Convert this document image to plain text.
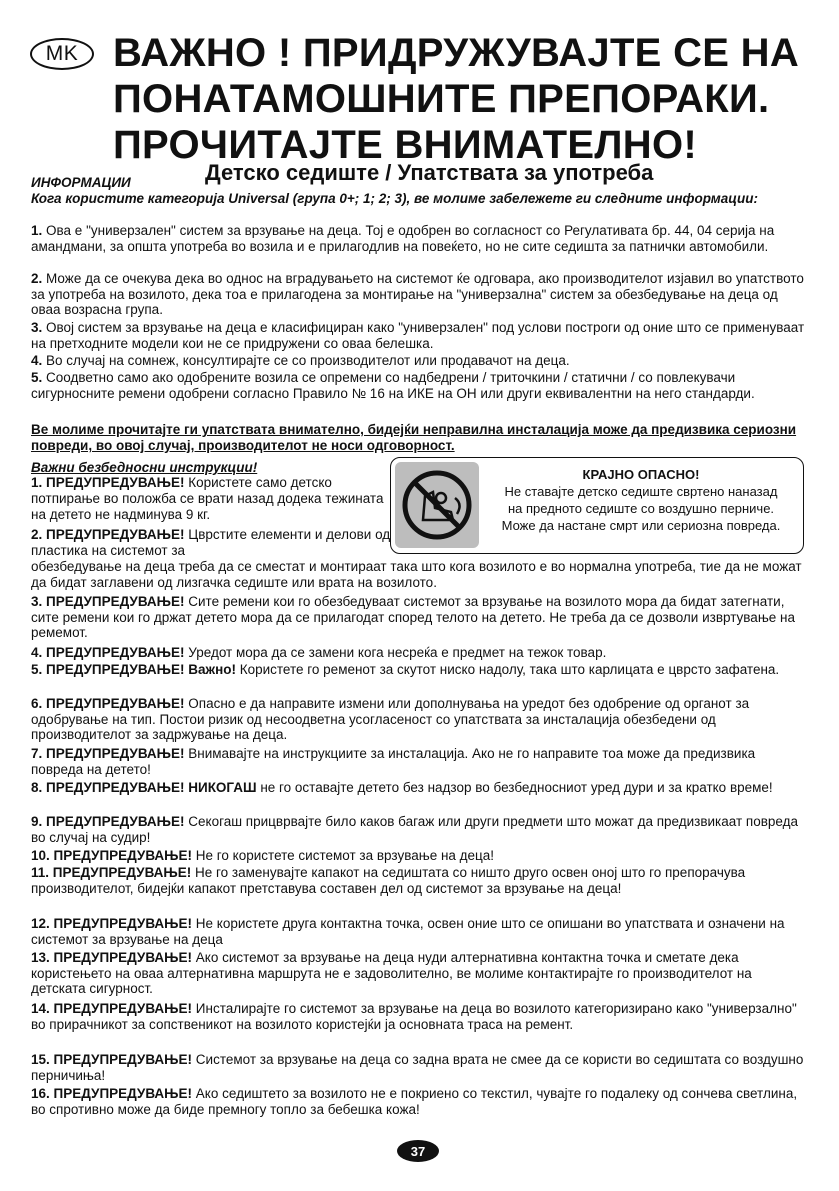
MK ВАЖНО ! ПРИДРУЖУВАЈТЕ СЕ НА
ПОНАТАМОШНИТЕ ПРЕПОРАКИ.
ПРОЧИТАЈТЕ ВНИМАТЕЛНО!
ИНФОРМАЦИИ	Детско седиште / Упатствата за употреба
Кога користите категорија Universal (група 0+; 1; 2; 3), ве молиме забележете ги следните информации:
1. Ова е "универзален" систем за врзување на деца. Тој е одобрен во согласност со Регулативата бр. 44, 04 серија на амандмани, за општа употреба во возила и е прилагодлив на повеќето, но не сите седишта за патнички автомобили.
2. Може да се очекува дека во однос на вградувањето на системот ќе одговара, ако производителот изјавил во упатството за употреба на возилото, дека тоа е прилагодена за монтирање на "универзална" систем за обезбедување на деца од оваа возрасна група.
3. Овој систем за врзување на деца е класифициран како "универзален" под услови построги од оние што се применуваат на претходните модели кои не се придружени со оваа белешка.
4. Во случај на сомнеж, консултирајте се со производителот или продавачот на деца.
5. Соодветно само ако одобрените возила се опремени со надбедрени / триточкини / статични / со повлекувачи сигурносните ремени одобрени согласно Правило № 16 на ИКЕ на ОН или други еквивалентни на него стандарди.
Ве молиме прочитајте ги упатствата внимателно, бидејќи неправилна инсталација може да предизвика сериозни повреди, во овој случај, производителот не носи одговорност.
Важни безбедносни инструкции!
1. ПРЕДУПРЕДУВАЊЕ! Користете само детско потпирање во положба се врати назад додека тежината на детето не надминува 9 кг.
2. ПРЕДУПРЕДУВАЊЕ! Цврстите елементи и делови од пластика на системот за
КРАЈНО ОПАСНО!
Не ставајте детско седиште свртено наназад
на предното седиште со воздушно перниче.
Може да настане смрт или сериозна повреда.
обезбедување на деца треба да се сместат и монтираат така што кога возилото е во нормална употреба, тие да не можат да бидат заглавени од лизгачка седиште или врата на возилото.
3. ПРЕДУПРЕДУВАЊЕ! Сите ремени кои го обезбедуваат системот за врзување на возилото мора да бидат затегнати, сите ремени кои го држат детето мора да се прилагодат според телото на детето. Не треба да се дозволи извртување на ремемот.
4. ПРЕДУПРЕДУВАЊЕ! Уредот мора да се замени кога несреќа е предмет на тежок товар.
5. ПРЕДУПРЕДУВАЊЕ! Важно! Користете го ременот за скутот ниско надолу, така што карлицата е цврсто зафатена.
6. ПРЕДУПРЕДУВАЊЕ! Опасно е да направите измени или дополнувања на уредот без одобрение од органот за одобрување на тип. Постои ризик од несоодветна усогласеност со упатствата за инсталација обезбедени од производителот за задржување на деца.
7. ПРЕДУПРЕДУВАЊЕ! Внимавајте на инструкциите за инсталација. Ако не го направите тоа може да предизвика повреда на детето!
8. ПРЕДУПРЕДУВАЊЕ! НИКОГАШ не го оставајте детето без надзор во безбедносниот уред дури и за кратко време!
9. ПРЕДУПРЕДУВАЊЕ! Секогаш прицврвајте било каков багаж или други предмети што можат да предизвикаат повреда во случај на судир!
10. ПРЕДУПРЕДУВАЊЕ! Не го користете системот за врзување на деца!
11. ПРЕДУПРЕДУВАЊЕ! Не го заменувајте капакот на седиштата со ништо друго освен оној што го препорачува производителот, бидејќи капакот претставува составен дел од системот за врзување на деца!
12. ПРЕДУПРЕДУВАЊЕ! Не користете друга контактна точка, освен оние што се опишани во упатствата и означени на системот за врзување на деца
13. ПРЕДУПРЕДУВАЊЕ! Ако системот за врзување на деца нуди алтернативна контактна точка и сметате дека користењето на оваа алтернативна маршрута не е задоволително, ве молиме контактирајте го производителот на детската сигурност.
14. ПРЕДУПРЕДУВАЊЕ! Инсталирајте го системот за врзување на деца во возилото категоризирано како "универзално" во прирачникот за сопственикот на возилото користејќи ја основната траса на ремент.
15. ПРЕДУПРЕДУВАЊЕ! Системот за врзување на деца со задна врата не смее да се користи во седиштата со воздушно перничиња!
16. ПРЕДУПРЕДУВАЊЕ! Ако седиштето за возилото не е покриено со текстил, чувајте го подалеку од сончева светлина, во спротивно може да биде премногу топло за бебешка кожа!
37
